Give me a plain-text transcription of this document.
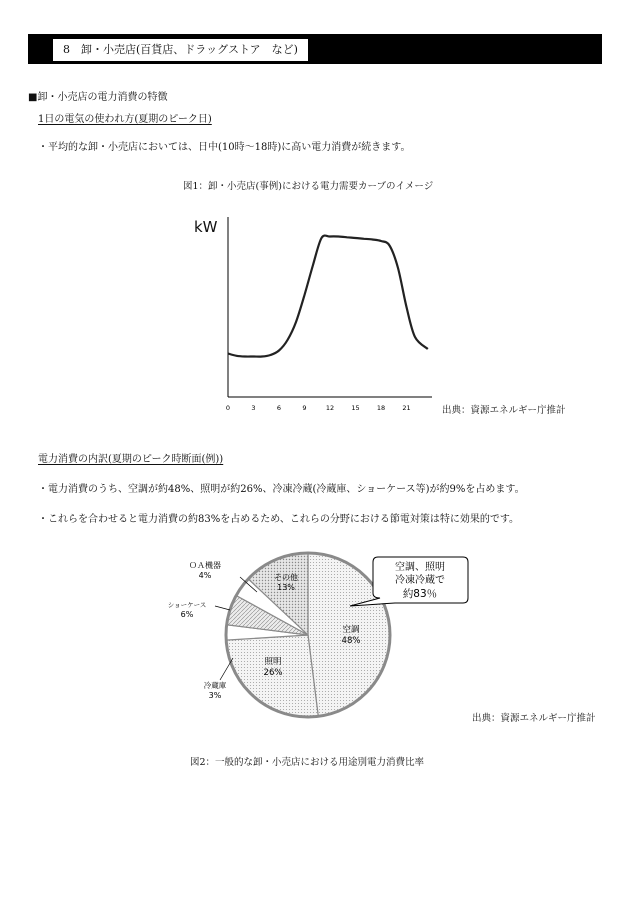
8　卸・小売店(百貨店、ドラッグストア　など)
■卸・小売店の電力消費の特徴
1日の電気の使われ方(夏期のピーク日)
・平均的な卸・小売店においては、日中(10時〜18時)に高い電力消費が続きます。
図1：卸・小売店(事例)における電力需要カーブのイメージ
kW
0	3	6	9	12	15	18	21	出典：資源エネルギー庁推計
電力消費の内訳(夏期のピーク時断面(例))
・電力消費のうち、空調が約48%、照明が約26%、冷凍冷蔵(冷蔵庫、ショーケース等)が約9%を占めます。
・これらを合わせると電力消費の約83%を占めるため、これらの分野における節電対策は特に効果的です。
ＯＡ機器
4%
ショーケース
6%
冷蔵庫
3%
その他
13%
空調
48%
照明
26%
空調、照明
冷凍冷蔵で
約83％
出典：資源エネルギー庁推計
図2：一般的な卸・小売店における用途別電力消費比率
